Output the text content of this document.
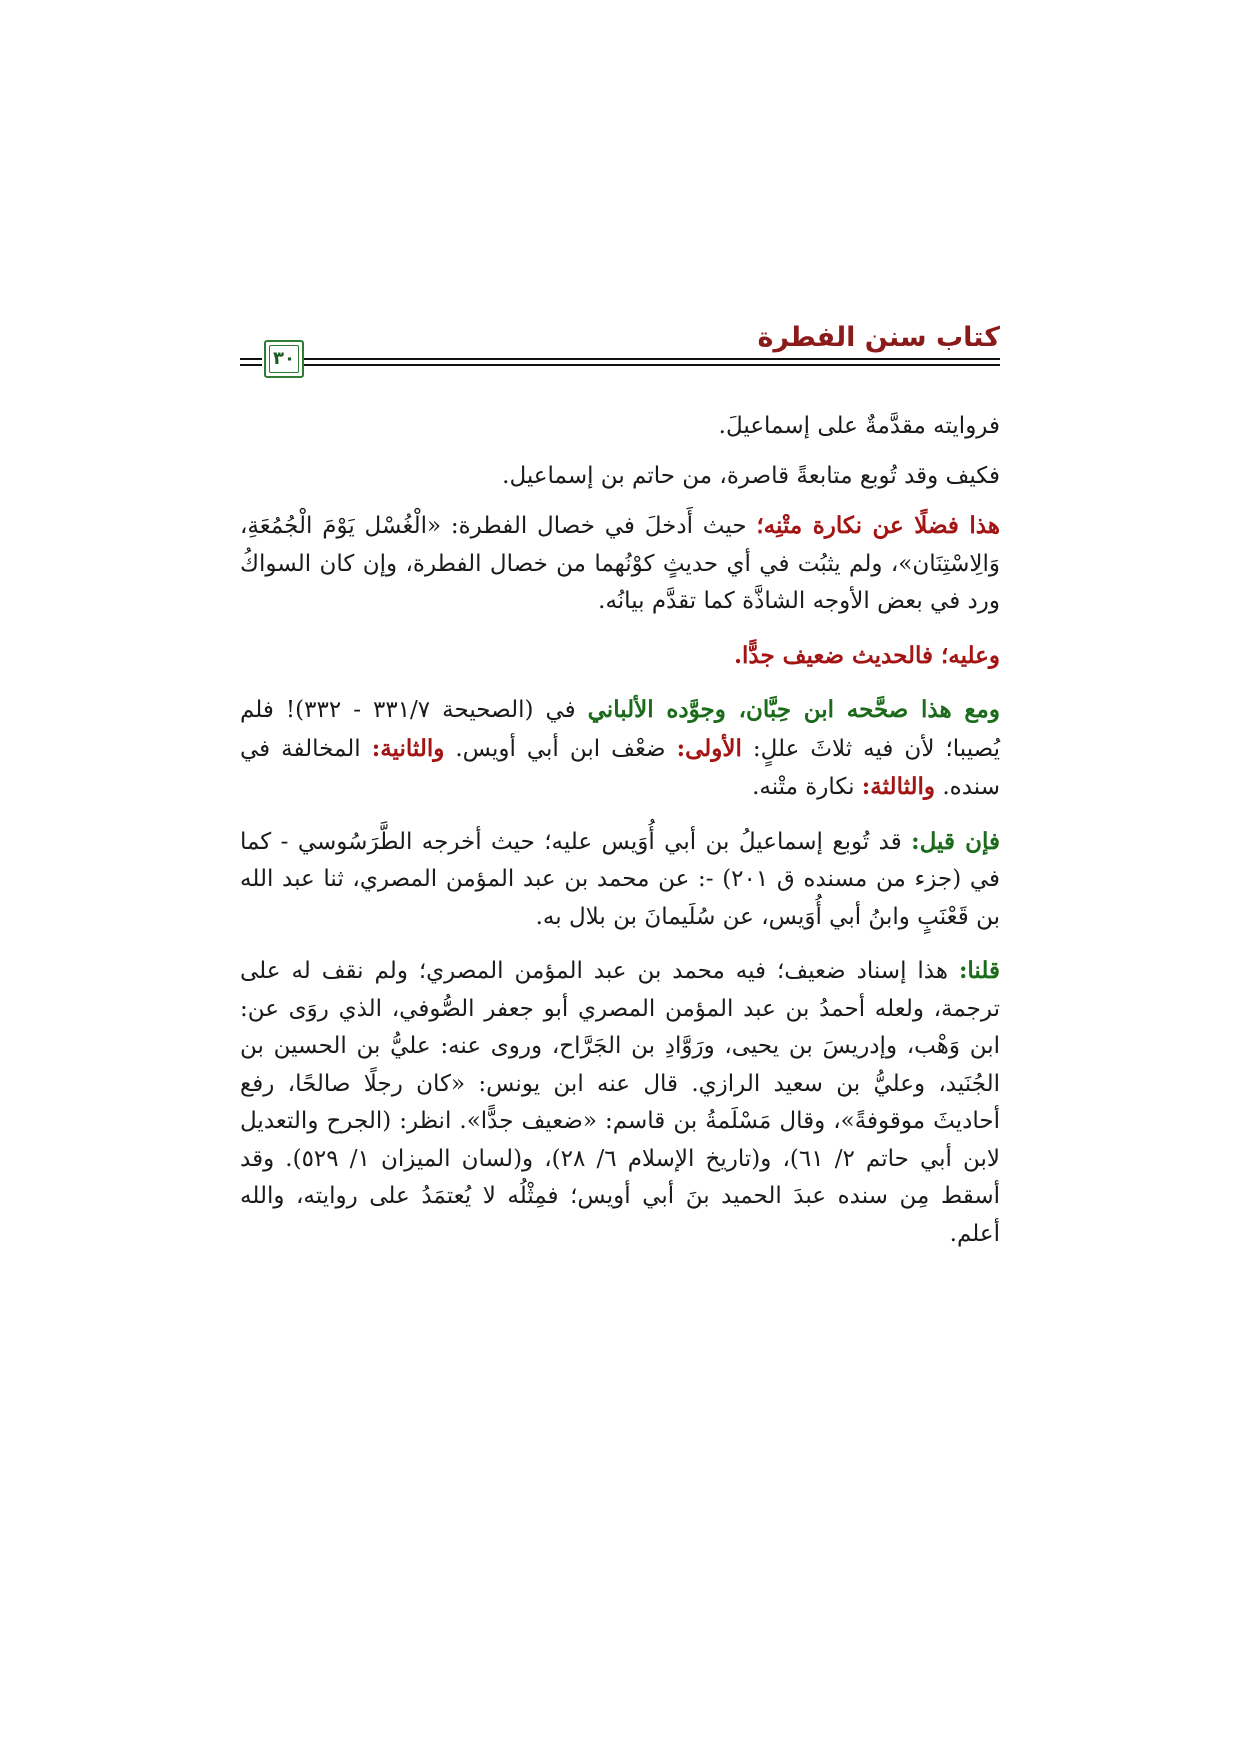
كتاب سنن الفطرة
٣٠

فروايته مقدَّمةٌ على إسماعيلَ.

فكيف وقد تُوبع متابعةً قاصرة، من حاتم بن إسماعيل.

هذا فضلًا عن نكارة متْنِه؛ حيث أَدخلَ في خصال الفطرة: «الْغُسْل يَوْمَ الْجُمُعَةِ، وَالِاسْتِنَان»، ولم يثبُت في أي حديثٍ كوْنُهما من خصال الفطرة، وإن كان السواكُ ورد في بعض الأوجه الشاذَّة كما تقدَّم بيانُه.

وعليه؛ فالحديث ضعيف جدًّا.

ومع هذا صحَّحه ابن حِبَّان، وجوَّده الألباني في (الصحيحة ٣٣١/٧ - ٣٣٢)! فلم يُصيبا؛ لأن فيه ثلاثَ عللٍ: الأولى: ضعْف ابن أبي أويس. والثانية: المخالفة في سنده. والثالثة: نكارة متْنه.

فإن قيل: قد تُوبع إسماعيلُ بن أبي أُوَيس عليه؛ حيث أخرجه الطَّرَسُوسي - كما في (جزء من مسنده ق ٢٠١) -: عن محمد بن عبد المؤمن المصري، ثنا عبد الله بن قَعْنَبٍ وابنُ أبي أُوَيس، عن سُلَيمانَ بن بلال به.

قلنا: هذا إسناد ضعيف؛ فيه محمد بن عبد المؤمن المصري؛ ولم نقف له على ترجمة، ولعله أحمدُ بن عبد المؤمن المصري أبو جعفر الصُّوفي، الذي روَى عن: ابن وَهْب، وإدريسَ بن يحيى، ورَوَّادِ بن الجَرَّاح، وروى عنه: عليُّ بن الحسين بن الجُنَيد، وعليُّ بن سعيد الرازي. قال عنه ابن يونس: «كان رجلًا صالحًا، رفع أحاديثَ موقوفةً»، وقال مَسْلَمةُ بن قاسم: «ضعيف جدًّا». انظر: (الجرح والتعديل لابن أبي حاتم ٢/ ٦١)، و(تاريخ الإسلام ٦/ ٢٨)، و(لسان الميزان ١/ ٥٢٩). وقد أسقط مِن سنده عبدَ الحميد بنَ أبي أويس؛ فمِثْلُه لا يُعتمَدُ على روايته، والله أعلم.
